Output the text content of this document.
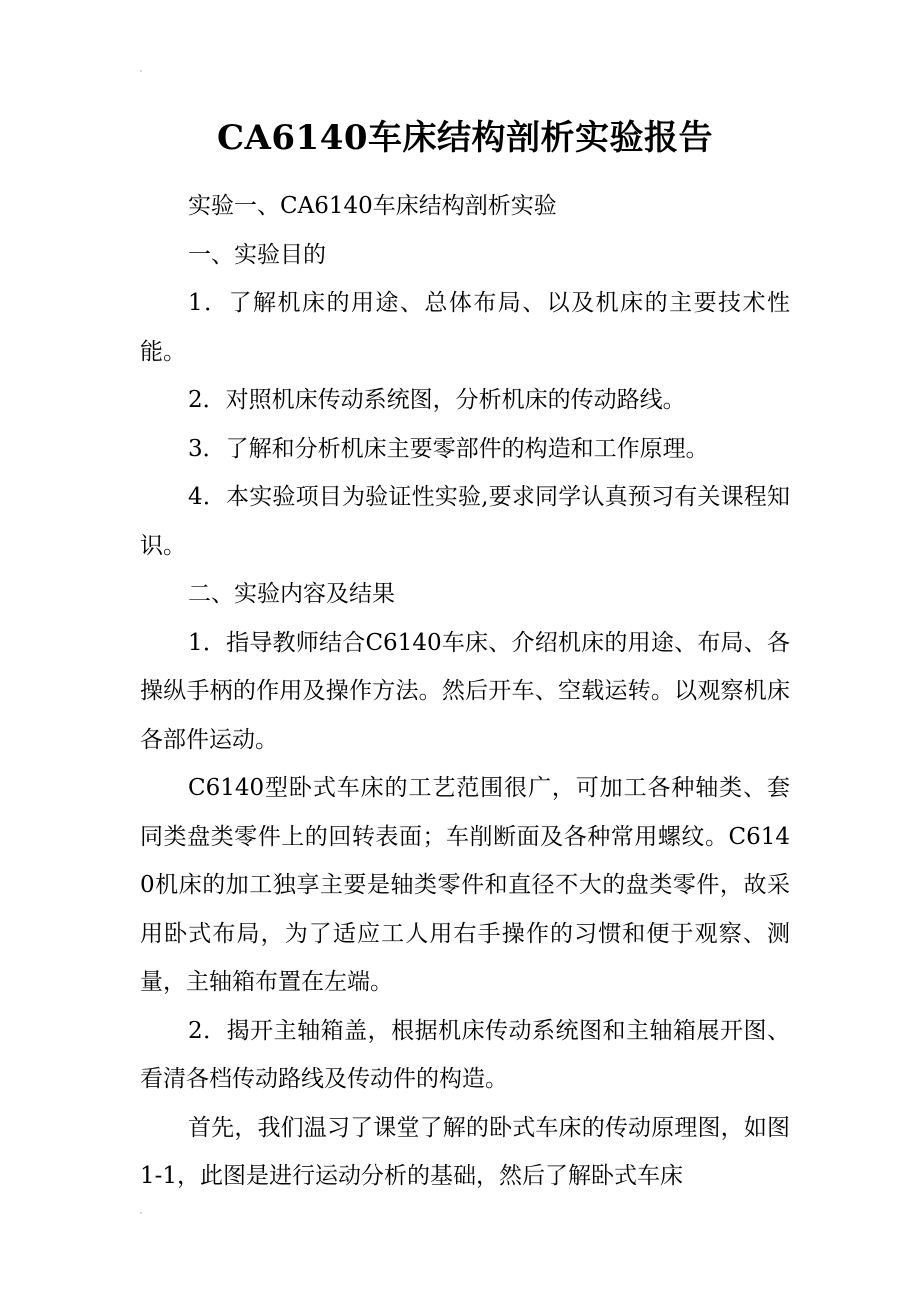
CA6140车床结构剖析实验报告

实验一、CA6140车床结构剖析实验

一、实验目的

1．了解机床的用途、总体布局、以及机床的主要技术性能。

2．对照机床传动系统图，分析机床的传动路线。

3．了解和分析机床主要零部件的构造和工作原理。

4．本实验项目为验证性实验,要求同学认真预习有关课程知识。

二、实验内容及结果

1．指导教师结合C6140车床、介绍机床的用途、布局、各操纵手柄的作用及操作方法。然后开车、空载运转。以观察机床各部件运动。

C6140型卧式车床的工艺范围很广，可加工各种轴类、套同类盘类零件上的回转表面；车削断面及各种常用螺纹。C6140机床的加工独享主要是轴类零件和直径不大的盘类零件，故采用卧式布局，为了适应工人用右手操作的习惯和便于观察、测量，主轴箱布置在左端。

2．揭开主轴箱盖，根据机床传动系统图和主轴箱展开图、看清各档传动路线及传动件的构造。

首先，我们温习了课堂了解的卧式车床的传动原理图，如图1-1，此图是进行运动分析的基础，然后了解卧式车床
